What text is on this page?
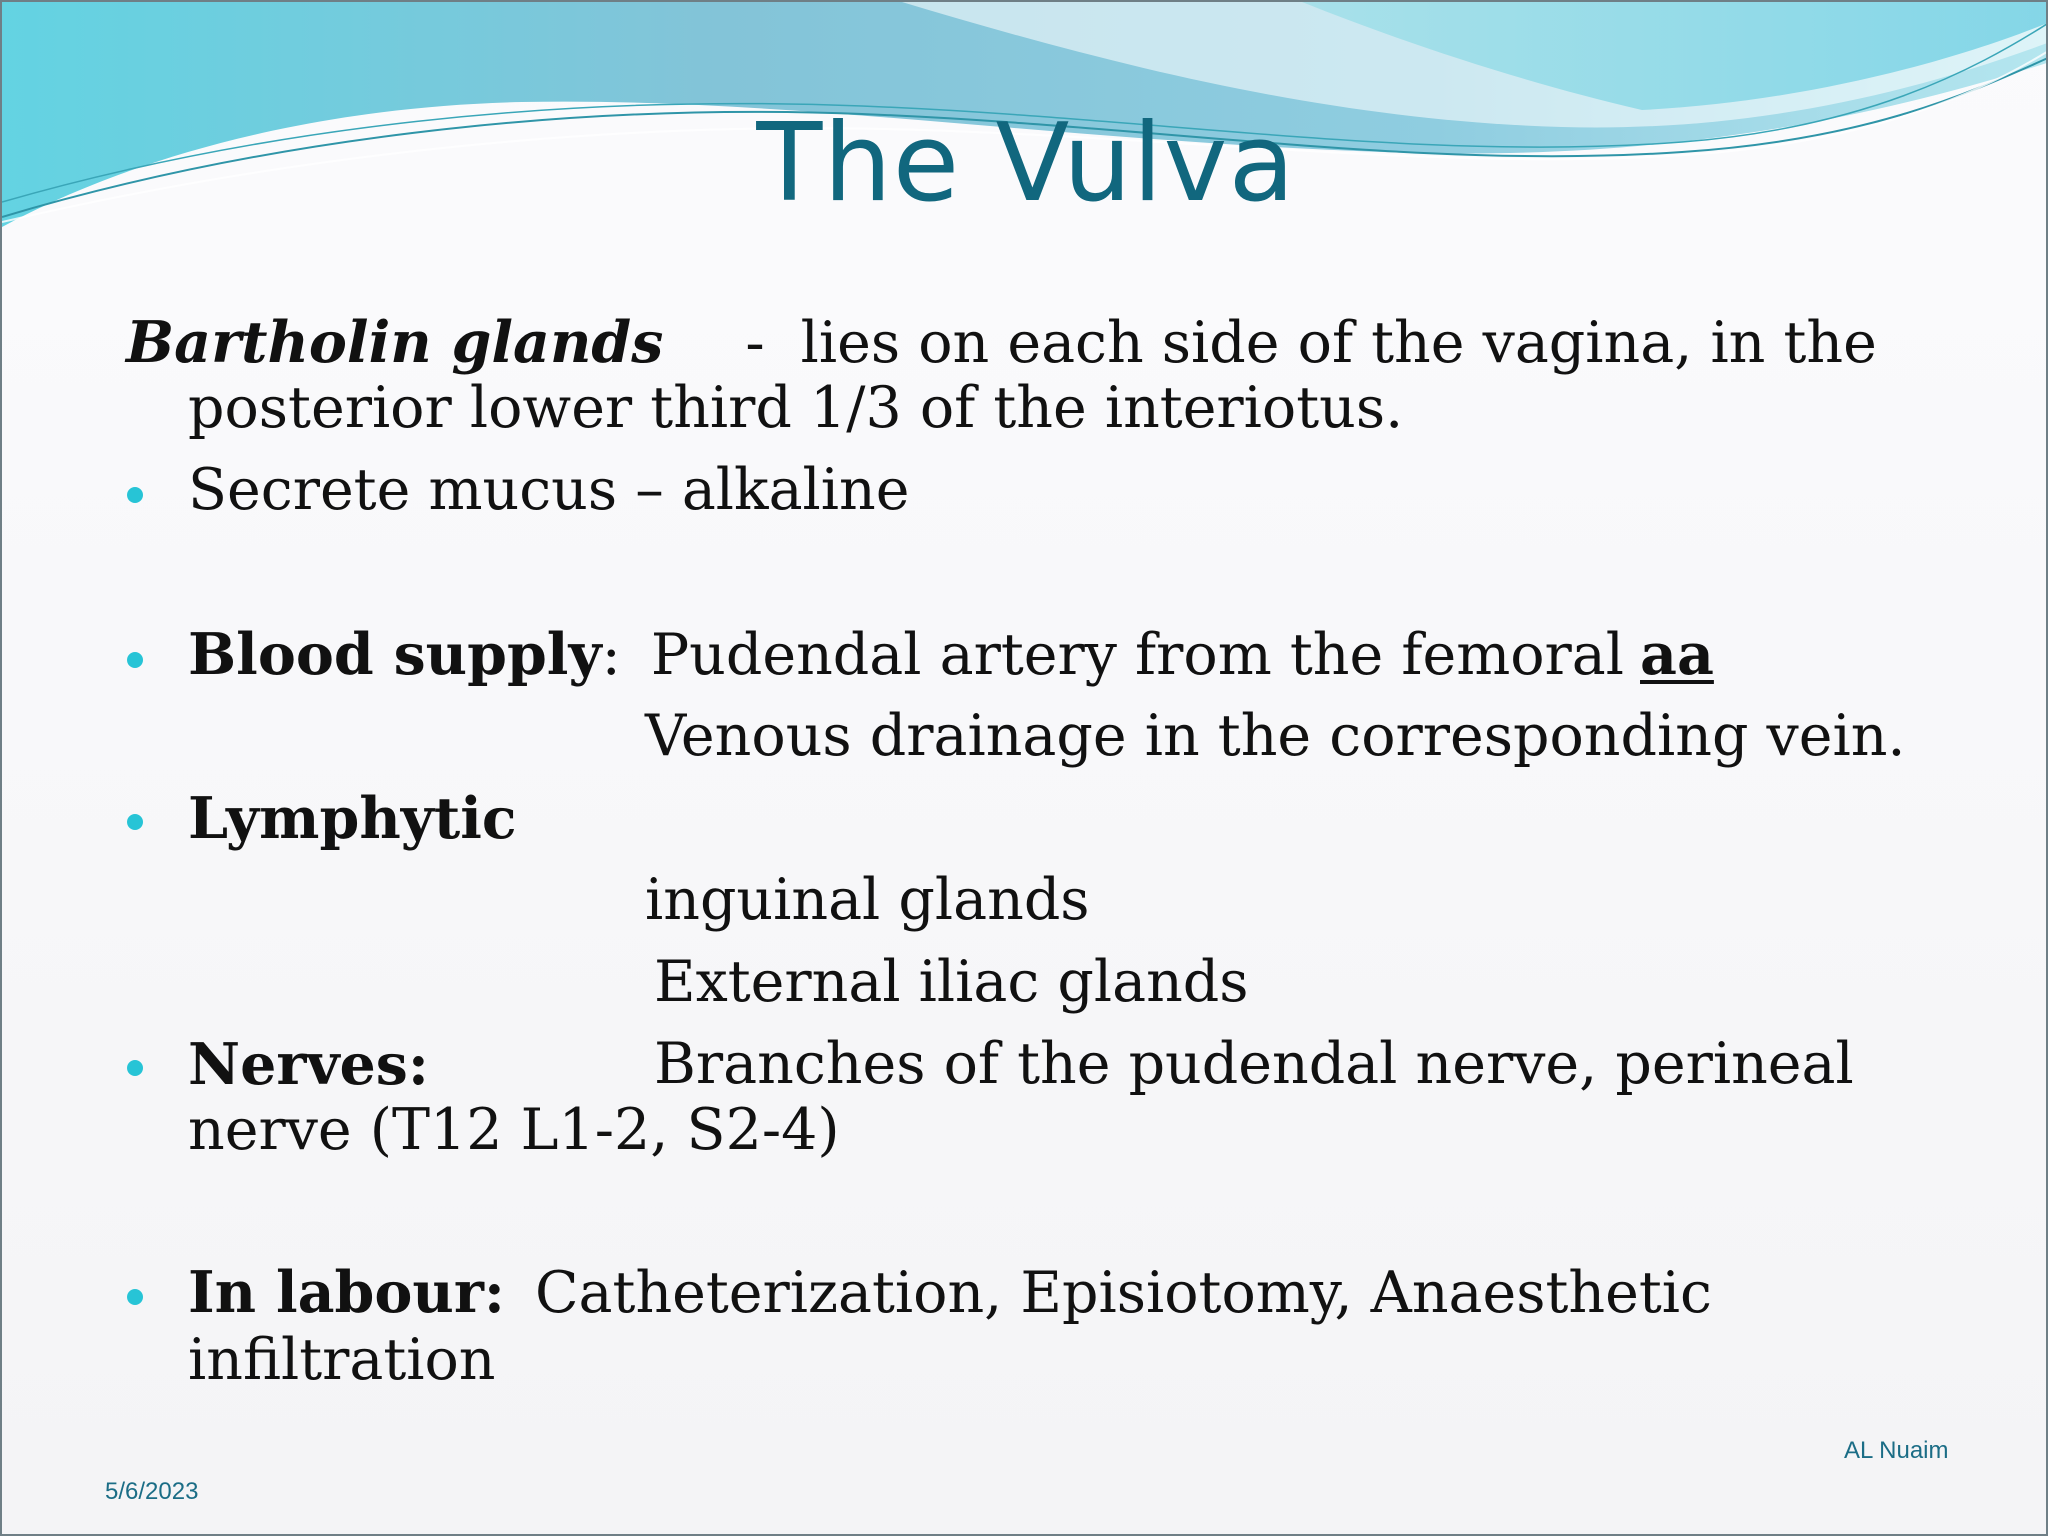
The Vulva
Bartholin glands - lies on each side of the vagina, in the
posterior lower third 1/3 of the interiotus.
Secrete mucus – alkaline
Blood supply: Pudendal artery from the femoral aa
Venous drainage in the corresponding vein.
Lymphytic
inguinal glands
External iliac glands
Nerves:	Branches of the pudendal nerve, perineal
nerve (T12 L1-2, S2-4)
In labour: Catheterization, Episiotomy, Anaesthetic
infiltration
AL Nuaim
5/6/2023
